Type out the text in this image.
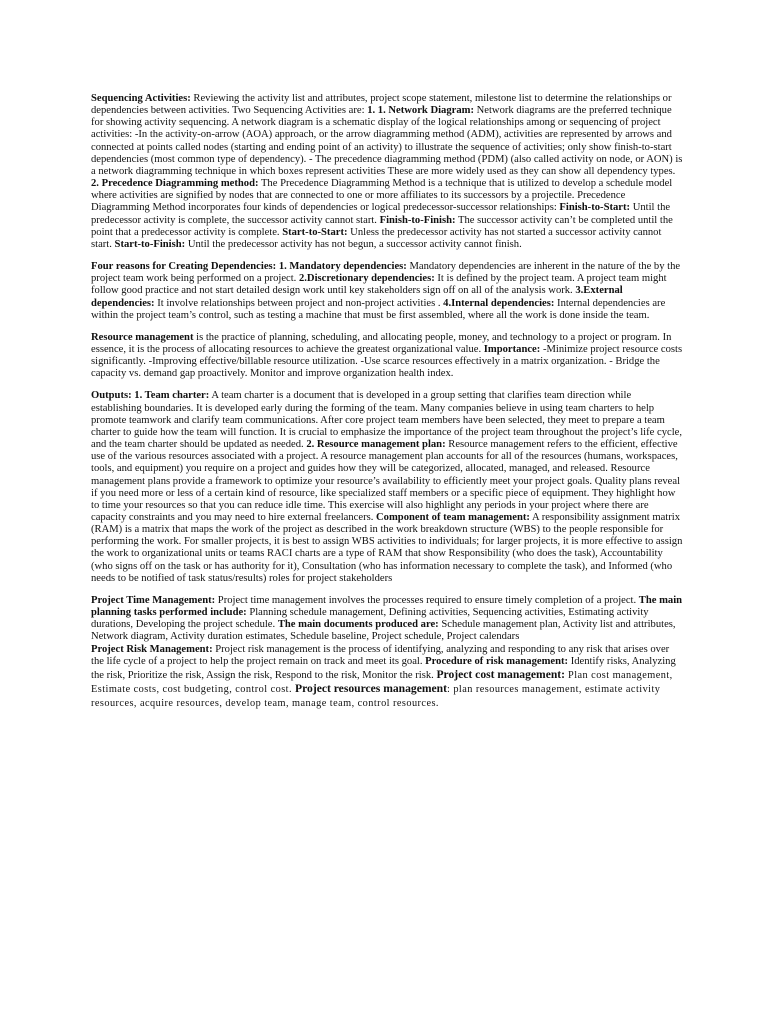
Sequencing Activities: Reviewing the activity list and attributes, project scope statement, milestone list to determine the relationships or dependencies between activities. Two Sequencing Activities are: 1. 1. Network Diagram: Network diagrams are the preferred technique for showing activity sequencing. A network diagram is a schematic display of the logical relationships among or sequencing of project activities: -In the activity-on-arrow (AOA) approach, or the arrow diagramming method (ADM), activities are represented by arrows and connected at points called nodes (starting and ending point of an activity) to illustrate the sequence of activities; only show finish-to-start dependencies (most common type of dependency). - The precedence diagramming method (PDM) (also called activity on node, or AON) is a network diagramming technique in which boxes represent activities These are more widely used as they can show all dependency types. 2. Precedence Diagramming method: The Precedence Diagramming Method is a technique that is utilized to develop a schedule model where activities are signified by nodes that are connected to one or more affiliates to its successors by a projectile. Precedence Diagramming Method incorporates four kinds of dependencies or logical predecessor-successor relationships: Finish-to-Start: Until the predecessor activity is complete, the successor activity cannot start. Finish-to-Finish: The successor activity can’t be completed until the point that a predecessor activity is complete. Start-to-Start: Unless the predecessor activity has not started a successor activity cannot start. Start-to-Finish: Until the predecessor activity has not begun, a successor activity cannot finish.

Four reasons for Creating Dependencies: 1. Mandatory dependencies: Mandatory dependencies are inherent in the nature of the by the project team work being performed on a project. 2.Discretionary dependencies: It is defined by the project team. A project team might follow good practice and not start detailed design work until key stakeholders sign off on all of the analysis work. 3.External dependencies: It involve relationships between project and non-project activities . 4.Internal dependencies: Internal dependencies are within the project team’s control, such as testing a machine that must be first assembled, where all the work is done inside the team.

Resource management is the practice of planning, scheduling, and allocating people, money, and technology to a project or program. In essence, it is the process of allocating resources to achieve the greatest organizational value. Importance: -Minimize project resource costs significantly. -Improving effective/billable resource utilization. -Use scarce resources effectively in a matrix organization. - Bridge the capacity vs. demand gap proactively. Monitor and improve organization health index.

Outputs: 1. Team charter: A team charter is a document that is developed in a group setting that clarifies team direction while establishing boundaries. It is developed early during the forming of the team. Many companies believe in using team charters to help promote teamwork and clarify team communications. After core project team members have been selected, they meet to prepare a team charter to guide how the team will function. It is crucial to emphasize the importance of the project team throughout the project’s life cycle, and the team charter should be updated as needed. 2. Resource management plan: Resource management refers to the efficient, effective use of the various resources associated with a project. A resource management plan accounts for all of the resources (humans, workspaces, tools, and equipment) you require on a project and guides how they will be categorized, allocated, managed, and released. Resource management plans provide a framework to optimize your resource’s availability to efficiently meet your project goals. Quality plans reveal if you need more or less of a certain kind of resource, like specialized staff members or a specific piece of equipment. They highlight how to time your resources so that you can reduce idle time. This exercise will also highlight any periods in your project where there are capacity constraints and you may need to hire external freelancers. Component of team management: A responsibility assignment matrix (RAM) is a matrix that maps the work of the project as described in the work breakdown structure (WBS) to the people responsible for performing the work. For smaller projects, it is best to assign WBS activities to individuals; for larger projects, it is more effective to assign the work to organizational units or teams RACI charts are a type of RAM that show Responsibility (who does the task), Accountability (who signs off on the task or has authority for it), Consultation (who has information necessary to complete the task), and Informed (who needs to be notified of task status/results) roles for project stakeholders

Project Time Management: Project time management involves the processes required to ensure timely completion of a project. The main planning tasks performed include: Planning schedule management, Defining activities, Sequencing activities, Estimating activity durations, Developing the project schedule. The main documents produced are: Schedule management plan, Activity list and attributes, Network diagram, Activity duration estimates, Schedule baseline, Project schedule, Project calendars

Project Risk Management: Project risk management is the process of identifying, analyzing and responding to any risk that arises over the life cycle of a project to help the project remain on track and meet its goal. Procedure of risk management: Identify risks, Analyzing the risk, Prioritize the risk, Assign the risk, Respond to the risk, Monitor the risk. Project cost management: Plan cost management, Estimate costs, cost budgeting, control cost. Project resources management: plan resources management, estimate activity resources, acquire resources, develop team, manage team, control resources.
